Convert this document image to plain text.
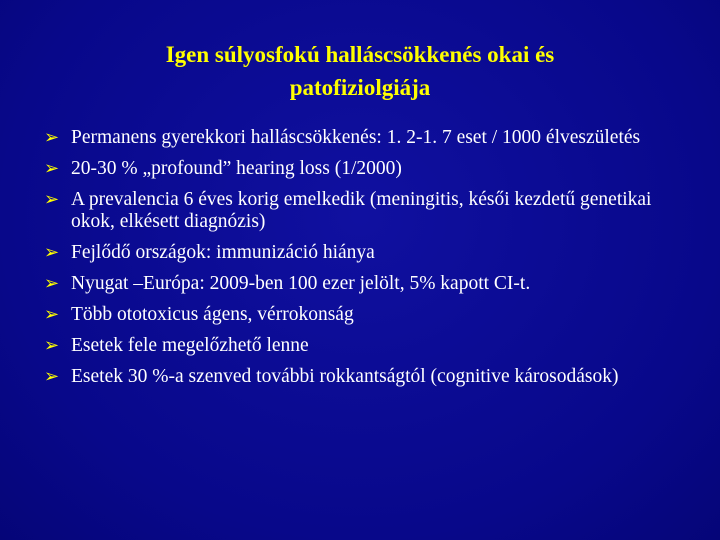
Igen súlyosfokú halláscsökkenés okai és
patofiziolgiája
➢ Permanens gyerekkori halláscsökkenés: 1. 2-1. 7 eset / 1000 élveszületés
➢ 20-30 % „profound” hearing loss (1/2000)
➢ A prevalencia 6 éves korig emelkedik (meningitis, késői kezdetű genetikai okok, elkésett diagnózis)
➢ Fejlődő országok: immunizáció hiánya
➢ Nyugat –Európa: 2009-ben 100 ezer jelölt, 5% kapott CI-t.
➢ Több ototoxicus ágens, vérrokonság
➢ Esetek fele megelőzhető lenne
➢ Esetek 30 %-a szenved további rokkantságtól (cognitive károsodások)
